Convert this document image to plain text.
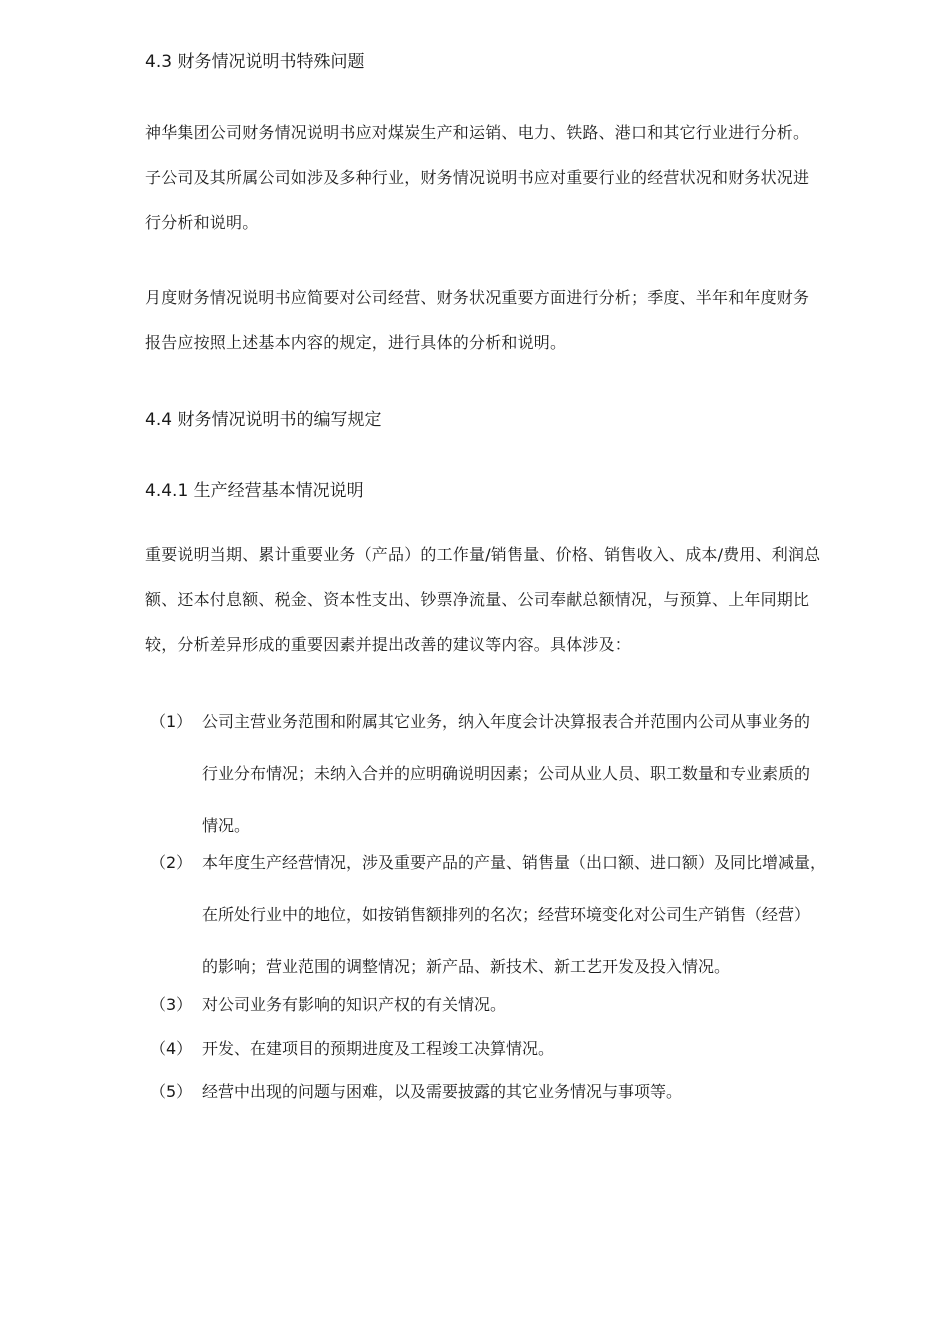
4.3 财务情况说明书特殊问题
神华集团公司财务情况说明书应对煤炭生产和运销、电力、铁路、港口和其它行业进行分析。
子公司及其所属公司如涉及多种行业，财务情况说明书应对重要行业的经营状况和财务状况进
行分析和说明。
月度财务情况说明书应简要对公司经营、财务状况重要方面进行分析；季度、半年和年度财务
报告应按照上述基本内容的规定，进行具体的分析和说明。
4.4 财务情况说明书的编写规定
4.4.1 生产经营基本情况说明
重要说明当期、累计重要业务（产品）的工作量/销售量、价格、销售收入、成本/费用、利润总
额、还本付息额、税金、资本性支出、钞票净流量、公司奉献总额情况，与预算、上年同期比
较，分析差异形成的重要因素并提出改善的建议等内容。具体涉及：
（1） 公司主营业务范围和附属其它业务，纳入年度会计决算报表合并范围内公司从事业务的
行业分布情况；未纳入合并的应明确说明因素；公司从业人员、职工数量和专业素质的
情况。
（2） 本年度生产经营情况，涉及重要产品的产量、销售量（出口额、进口额）及同比增减量，
在所处行业中的地位，如按销售额排列的名次；经营环境变化对公司生产销售（经营）
的影响；营业范围的调整情况；新产品、新技术、新工艺开发及投入情况。
（3） 对公司业务有影响的知识产权的有关情况。
（4） 开发、在建项目的预期进度及工程竣工决算情况。
（5） 经营中出现的问题与困难，以及需要披露的其它业务情况与事项等。
